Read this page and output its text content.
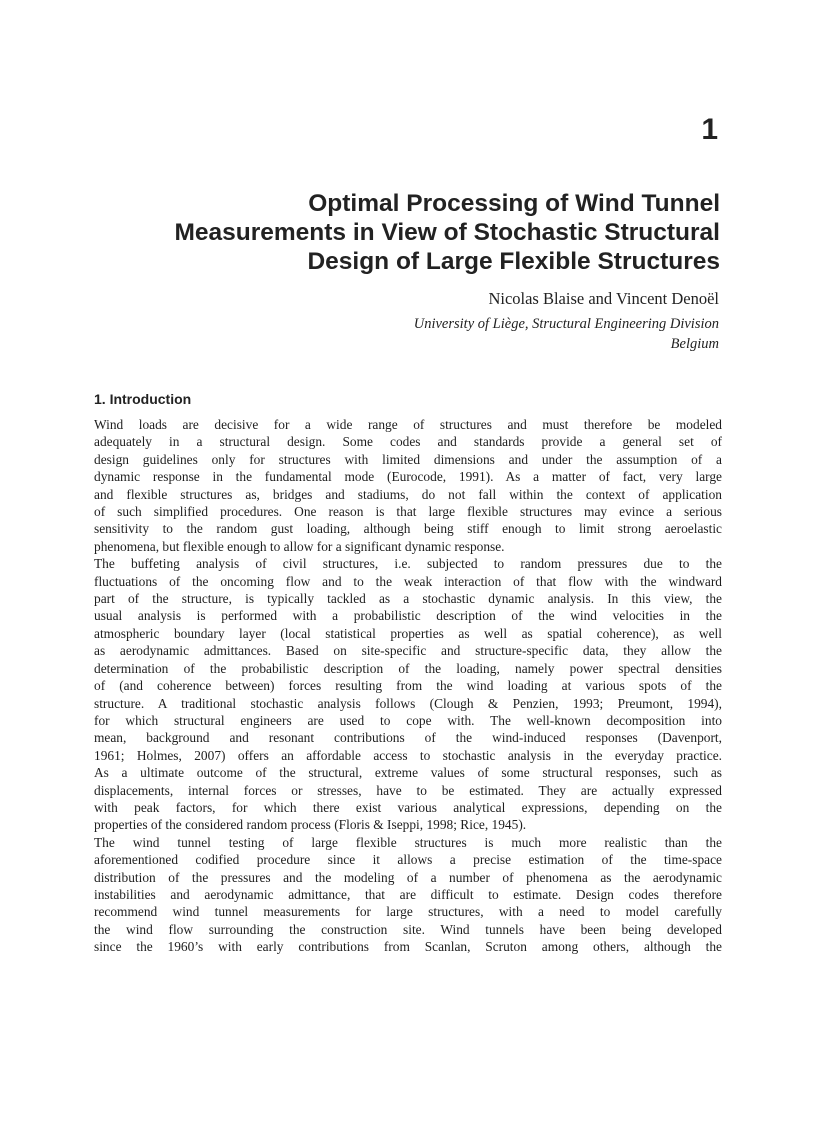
1
Optimal Processing of Wind Tunnel
Measurements in View of Stochastic Structural
Design of Large Flexible Structures
Nicolas Blaise and Vincent Denoël
University of Liège, Structural Engineering Division
Belgium
1. Introduction
Wind loads are decisive for a wide range of structures and must therefore be modeled
adequately in a structural design. Some codes and standards provide a general set of
design guidelines only for structures with limited dimensions and under the assumption of a
dynamic response in the fundamental mode (Eurocode, 1991). As a matter of fact, very large
and flexible structures as, bridges and stadiums, do not fall within the context of application
of such simplified procedures. One reason is that large flexible structures may evince a serious
sensitivity to the random gust loading, although being stiff enough to limit strong aeroelastic
phenomena, but flexible enough to allow for a significant dynamic response.
The buffeting analysis of civil structures, i.e. subjected to random pressures due to the
fluctuations of the oncoming flow and to the weak interaction of that flow with the windward
part of the structure, is typically tackled as a stochastic dynamic analysis. In this view, the
usual analysis is performed with a probabilistic description of the wind velocities in the
atmospheric boundary layer (local statistical properties as well as spatial coherence), as well
as aerodynamic admittances. Based on site-specific and structure-specific data, they allow the
determination of the probabilistic description of the loading, namely power spectral densities
of (and coherence between) forces resulting from the wind loading at various spots of the
structure. A traditional stochastic analysis follows (Clough & Penzien, 1993; Preumont, 1994),
for which structural engineers are used to cope with. The well-known decomposition into
mean, background and resonant contributions of the wind-induced responses (Davenport,
1961; Holmes, 2007) offers an affordable access to stochastic analysis in the everyday practice.
As a ultimate outcome of the structural, extreme values of some structural responses, such as
displacements, internal forces or stresses, have to be estimated. They are actually expressed
with peak factors, for which there exist various analytical expressions, depending on the
properties of the considered random process (Floris & Iseppi, 1998; Rice, 1945).
The wind tunnel testing of large flexible structures is much more realistic than the
aforementioned codified procedure since it allows a precise estimation of the time-space
distribution of the pressures and the modeling of a number of phenomena as the aerodynamic
instabilities and aerodynamic admittance, that are difficult to estimate. Design codes therefore
recommend wind tunnel measurements for large structures, with a need to model carefully
the wind flow surrounding the construction site. Wind tunnels have been being developed
since the 1960’s with early contributions from Scanlan, Scruton among others, although the
